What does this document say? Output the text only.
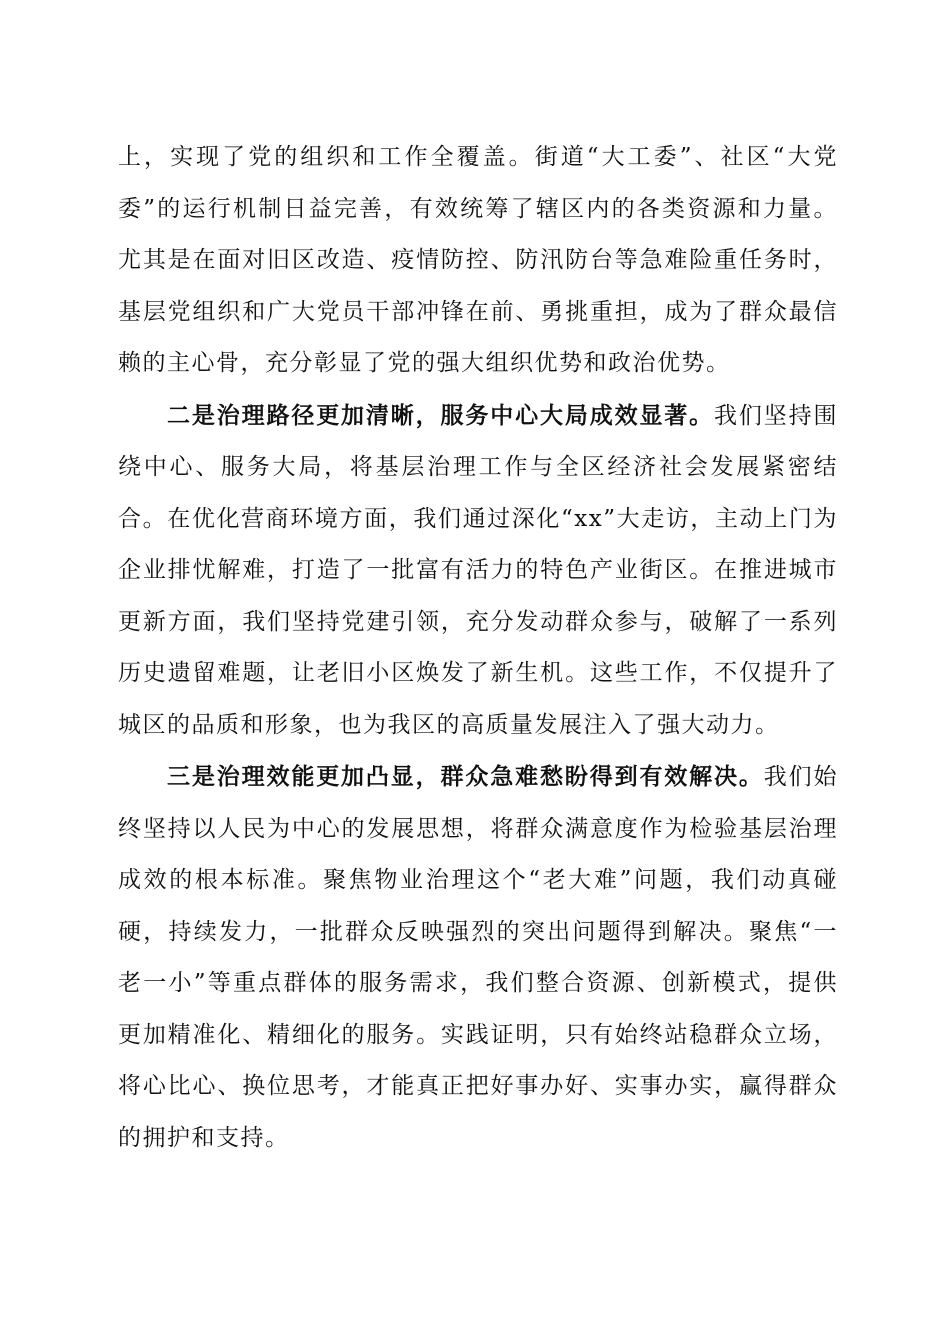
上，实现了党的组织和工作全覆盖。街道“大工委”、社区“大党委”的运行机制日益完善，有效统筹了辖区内的各类资源和力量。尤其是在面对旧区改造、疫情防控、防汛防台等急难险重任务时，基层党组织和广大党员干部冲锋在前、勇挑重担，成为了群众最信赖的主心骨，充分彰显了党的强大组织优势和政治优势。

二是治理路径更加清晰，服务中心大局成效显著。我们坚持围绕中心、服务大局，将基层治理工作与全区经济社会发展紧密结合。在优化营商环境方面，我们通过深化“xx”大走访，主动上门为企业排忧解难，打造了一批富有活力的特色产业街区。在推进城市更新方面，我们坚持党建引领，充分发动群众参与，破解了一系列历史遗留难题，让老旧小区焕发了新生机。这些工作，不仅提升了城区的品质和形象，也为我区的高质量发展注入了强大动力。

三是治理效能更加凸显，群众急难愁盼得到有效解决。我们始终坚持以人民为中心的发展思想，将群众满意度作为检验基层治理成效的根本标准。聚焦物业治理这个“老大难”问题，我们动真碰硬，持续发力，一批群众反映强烈的突出问题得到解决。聚焦“一老一小”等重点群体的服务需求，我们整合资源、创新模式，提供更加精准化、精细化的服务。实践证明，只有始终站稳群众立场，将心比心、换位思考，才能真正把好事办好、实事办实，赢得群众的拥护和支持。
